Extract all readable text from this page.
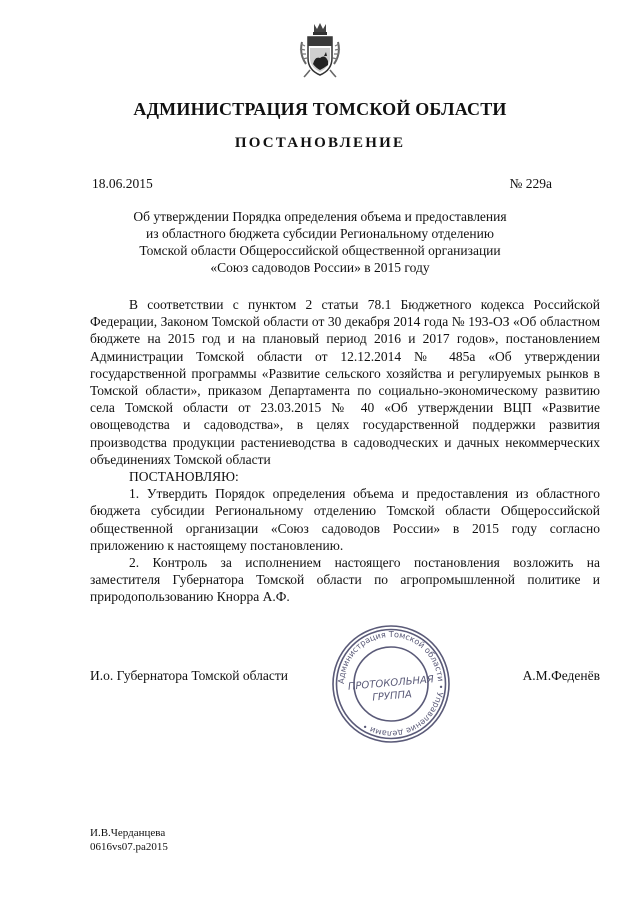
АДМИНИСТРАЦИЯ ТОМСКОЙ ОБЛАСТИ
ПОСТАНОВЛЕНИЕ
18.06.2015	№ 229а
Об утверждении Порядка определения объема и предоставления
из областного бюджета субсидии Региональному отделению
Томской области Общероссийской общественной организации
«Союз садоводов России» в 2015 году

В соответствии с пунктом 2 статьи 78.1 Бюджетного кодекса Российской Федерации, Законом Томской области от 30 декабря 2014 года № 193-ОЗ «Об областном бюджете на 2015 год и на плановый период 2016 и 2017 годов», постановлением Администрации Томской области от 12.12.2014 № 485а «Об утверждении государственной программы «Развитие сельского хозяйства и регулируемых рынков в Томской области», приказом Департамента по социально-экономическому развитию села Томской области от 23.03.2015 № 40 «Об утверждении ВЦП «Развитие овощеводства и садоводства», в целях государственной поддержки развития производства продукции растениеводства в садоводческих и дачных некоммерческих объединениях Томской области

ПОСТАНОВЛЯЮ:

1. Утвердить Порядок определения объема и предоставления из областного бюджета субсидии Региональному отделению Томской области Общероссийской общественной организации «Союз садоводов России» в 2015 году согласно приложению к настоящему постановлению.

2. Контроль за исполнением настоящего постановления возложить на заместителя Губернатора Томской области по агропромышленной политике и природопользованию Кнорра А.Ф.

И.о. Губернатора Томской области	А.М.Феденёв
Администрация Томской области • Управление делами •
ПРОТОКОЛЬНАЯ
ГРУППА
И.В.Черданцева
0616vs07.ра2015
